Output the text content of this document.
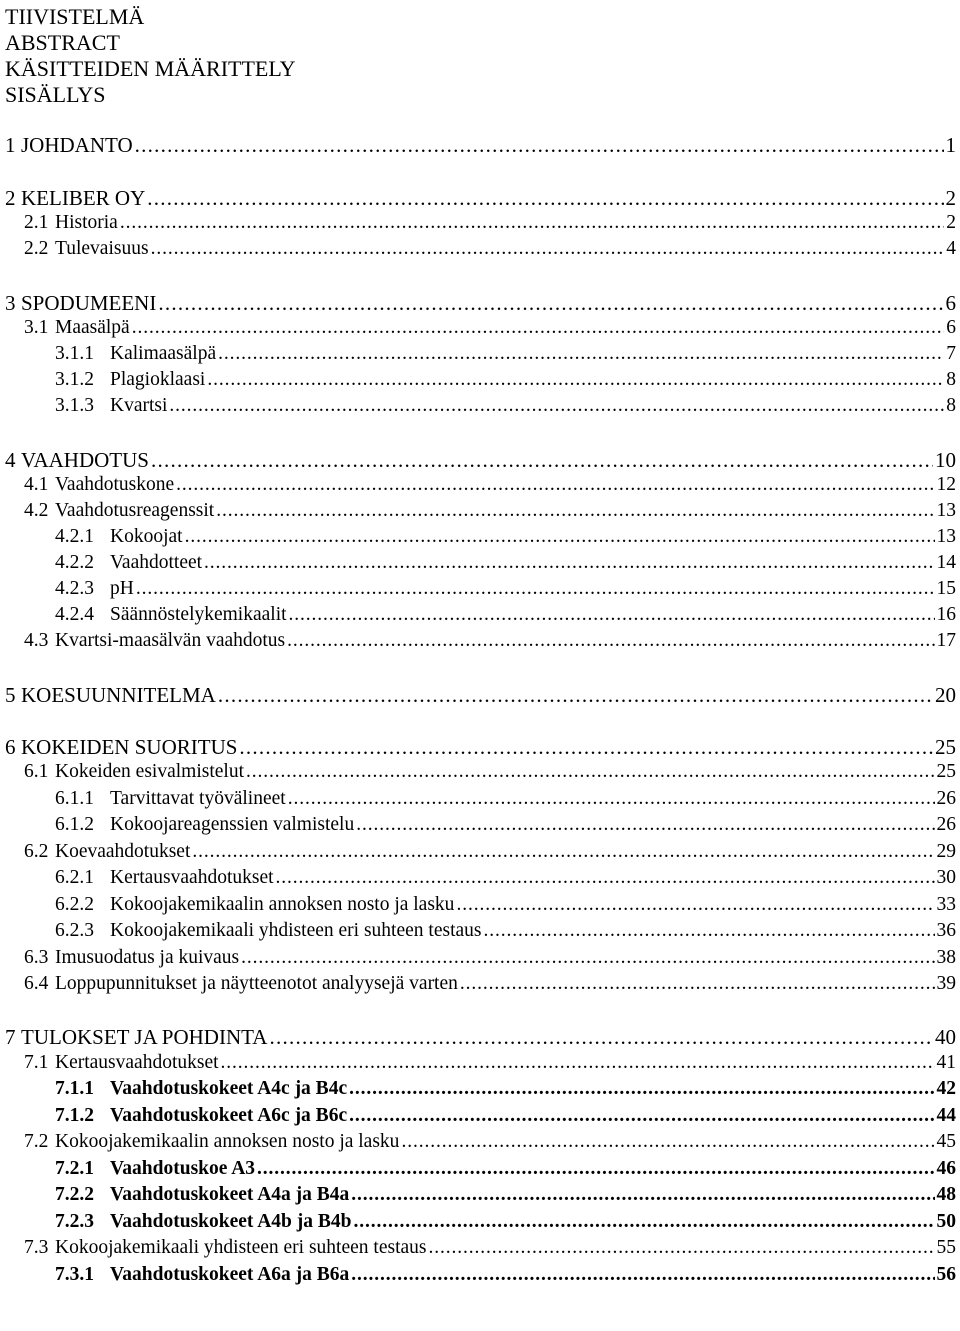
TIIVISTELMÄ
ABSTRACT
KÄSITTEIDEN MÄÄRITTELY
SISÄLLYS
1 JOHDANTO . . .	1
2 KELIBER OY . . .	2
2.1 Historia . . .	2
2.2 Tulevaisuus . . .	4
3 SPODUMEENI . . .	6
3.1 Maasälpä . . .	6
3.1.1 Kalimaasälpä . . .	7
3.1.2 Plagioklaasi . . .	8
3.1.3 Kvartsi . . .	8
4 VAAHDOTUS . . .	10
4.1 Vaahdotuskone . . .	12
4.2 Vaahdotusreagenssit . . .	13
4.2.1 Kokoojat . . .	13
4.2.2 Vaahdotteet . . .	14
4.2.3 pH . . .	15
4.2.4 Säännöstelykemikaalit . . .	16
4.3 Kvartsi-maasälvän vaahdotus . . .	17
5 KOESUUNNITELMA . . .	20
6 KOKEIDEN SUORITUS . . .	25
6.1 Kokeiden esivalmistelut . . .	25
6.1.1 Tarvittavat työvälineet . . .	26
6.1.2 Kokoojareagenssien valmistelu . . .	26
6.2 Koevaahdotukset . . .	29
6.2.1 Kertausvaahdotukset . . .	30
6.2.2 Kokoojakemikaalin annoksen nosto ja lasku . . .	33
6.2.3 Kokoojakemikaali yhdisteen eri suhteen testaus . . .	36
6.3 Imusuodatus ja kuivaus . . .	38
6.4 Loppupunnitukset ja näytteenotot analyysejä varten . . .	39
7 TULOKSET JA POHDINTA . . .	40
7.1 Kertausvaahdotukset . . .	41
7.1.1 Vaahdotuskokeet A4c ja B4c . . .	42
7.1.2 Vaahdotuskokeet A6c ja B6c . . .	44
7.2 Kokoojakemikaalin annoksen nosto ja lasku . . .	45
7.2.1 Vaahdotuskoe A3 . . .	46
7.2.2 Vaahdotuskokeet A4a ja B4a . . .	48
7.2.3 Vaahdotuskokeet A4b ja B4b . . .	50
7.3 Kokoojakemikaali yhdisteen eri suhteen testaus . . .	55
7.3.1 Vaahdotuskokeet A6a ja B6a . . .	56
